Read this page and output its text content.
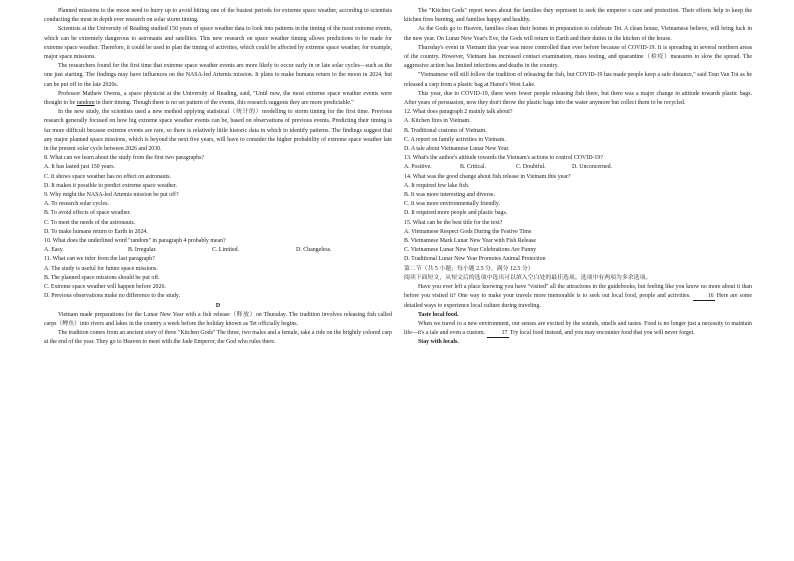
Planned missions to the moon need to hurry up to avoid hitting one of the busiest periods for extreme space weather, according to scientists conducting the most in depth ever research on solar storm timing.

Scientists at the University of Reading studied 150 years of space weather data to look into patterns in the timing of the most extreme events, which can be extremely dangerous to astronauts and satellites. This new research on space weather timing allows predictions to be made for extreme space weather. Therefore, it could be used to plan the timing of activities, which could be affected by extreme space weather, for example, major space missions.

The researchers found for the first time that extreme space weather events are more likely to occur early in or late solar cycles—such as the one just starting. The findings may have influences on the NASA-led Artemis mission. It plans to make humans return to the moon in 2024, but can be put off to the late 2020s.

Professor Mathew Owens, a space physicist at the University of Reading, said, "Until now, the most extreme space weather events were thought to be random in their timing. Though there is no set pattern of the events, this research suggests they are more predictable."

In the new study, the scientists used a new method applying statistical（统计的）modelling to storm timing for the first time. Previous research generally focused on how big extreme space weather events can be, based on observations of previous events. Predicting their timing is far more difficult because extreme events are rare, so there is relatively little historic data in which to identify patterns. The findings suggest that any major planned space missions, which is beyond the next five years, will have to consider the higher probability of extreme space weather late in the present solar cycle between 2026 and 2030.

8. What can we learn about the study from the first two paragraphs?

A. It has lasted just 150 years.

C. It shows space weather has no effect on astronauts.

D. It makes it possible to predict extreme space weather.

9. Why might the NASA-led Artemis mission be put off?

A. To research solar cycles.

B. To avoid effects of space weather.

C. To meet the needs of the astronauts.

D. To make humans return to Earth in 2024.

10. What does the underlined word "random" in paragraph 4 probably mean?

A. Easy.	B. Irregular.	C. Limited.	D. Changeless.

11. What can we infer from the last paragraph?

A. The study is useful for future space missions.

B. The planned space missions should be put off.

C. Extreme space weather will happen before 2026.

D. Previous observations make no difference to the study.

D

Vietnam made preparations for the Lunar New Year with a fish release（释放）on Thursday. The tradition involves releasing fish called carps（鲤鱼）into rivers and lakes in the country a week before the holiday known as Tet officially begins.

The tradition comes from an ancient story of three "Kitchen Gods" The three, two males and a female, take a ride on the brightly colored carp at the end of the year. They go to Heaven to meet with the Jade Emperor, the God who rules there.

The "Kitchen Gods" report news about the families they represent to seek the emperor s care and protection. Their efforts help to keep the kitchen fires burning, and families happy and healthy.

As the Gods go to Heaven, families clean their homes in preparation to celebrate Tet. A clean house, Vietnamese believe, will bring luck in the new year. On Lunar New Year's Eve, the Gods will return to Earth and their duties in the kitchen of the house.

Thursday's event in Vietnam this year was more controlled than ever before because of COVID-19. It is spreading in several northern areas of the country. However, Vietnam has increased contact examination, mass testing, and quarantine（检疫）measures to slow the spread. The aggressive action has limited infections and deaths in the country.

"Vietnamese will still follow the tradition of releasing the fish, but COVID-19 has made people keep a safe distance," said Tran Van Toi as he released a carp from a plastic bag at Hanoi's West Lake.

This year, due to COVID-19, there were fewer people releasing fish there, but there was a major change in attitude towards plastic bags. After years of persuasion, now they don't throw the plastic bags into the water anymore but collect them to be recycled.

12. What does paragraph 2 mainly talk about?

A. Kitchen fires in Vietnam.

B. Traditional customs of Vietnam.

C. A report on family activities in Vietnam.

D. A tale about Vietnamese Lunar New Year.

13. What's the author's attitude towards the Vietnam's actions to control COVID-19?

A. Positive.	B. Critical.	C. Doubtful.	D. Unconcerned.

14. What was the good change about fish release in Vietnam this year?

A. It required few lake fish.

B. It was more interesting and diverse.

C. It was more environmentally friendly.

D. It required more people and plastic bags.

15. What can be the best title for the text?

A. Vietnamese Respect Gods During the Festive Time

B. Vietnamese Mark Lunar New Year with Fish Release

C. Vietnamese Lunar New Year Celebrations Are Funny

D. Traditional Lunar New Year Promotes Animal Protection

第二节（共 5 小题；每小题 2.5 分，满分 12.5 分）

阅读下面短文，从短文后的选项中选出可以填入空白处的最佳选项。选项中有两项为多余选项。

Have you ever left a place knowing you have "visited" all the attractions in the guidebooks, but feeling like you know no more about it than before you visited it? One way to make your travels more memorable is to seek out local food, people and activities.	16 Here are some detailed ways to experience local culture during traveling.

Taste local food.

When we travel to a new environment, our senses are excited by the sounds, smells and tastes. Food is no longer just a necessity to maintain life—it's a tale and even a custom.	17 Try local food instead, and you may encounter food that you will never forget.

Stay with locals.
